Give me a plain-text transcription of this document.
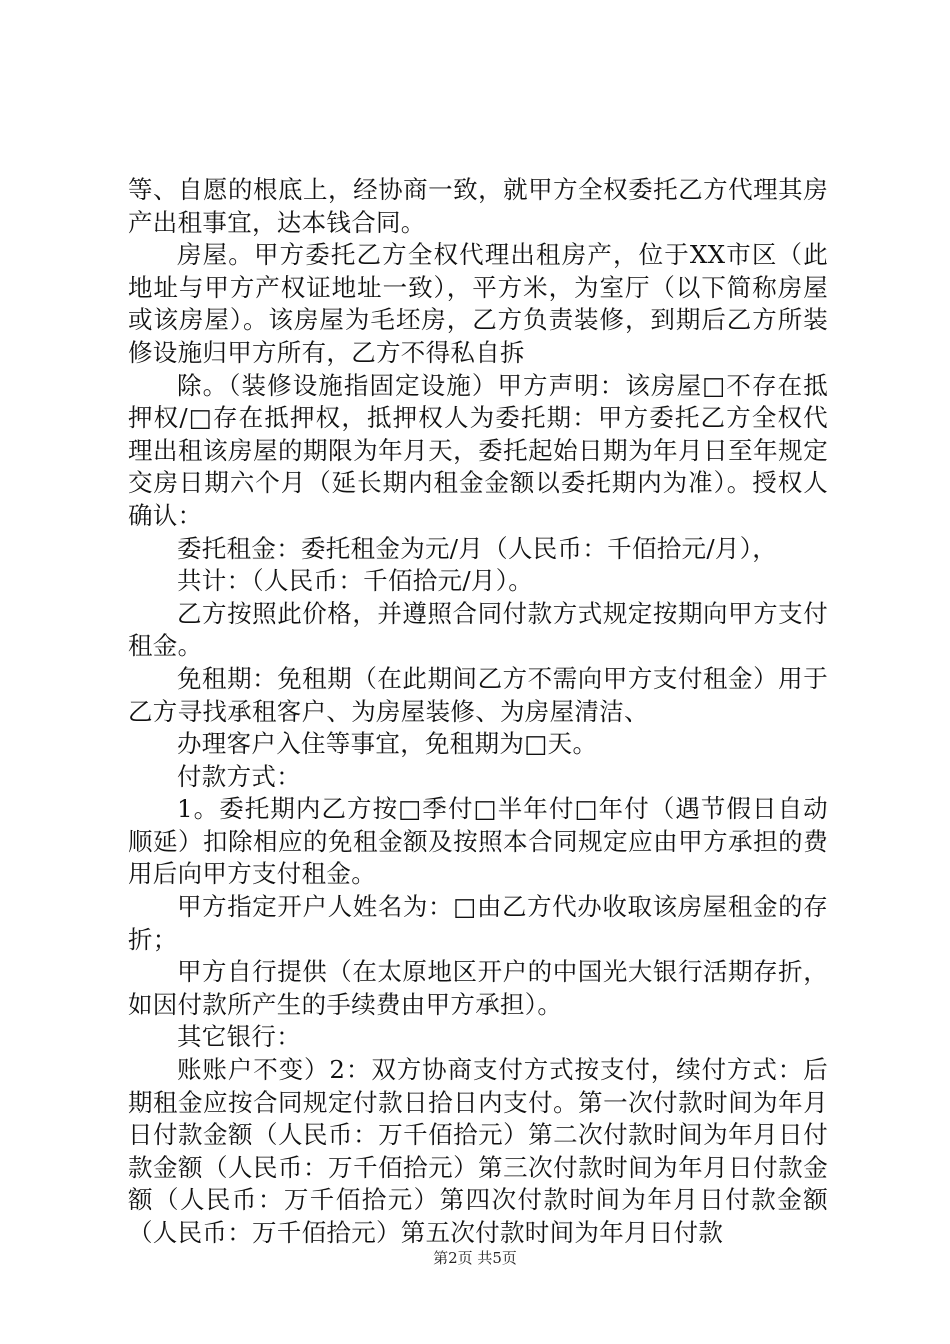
等、自愿的根底上，经协商一致，就甲方全权委托乙方代理其房产出租事宜，达本钱合同。

房屋。甲方委托乙方全权代理出租房产，位于XX市区（此地址与甲方产权证地址一致），平方米，为室厅（以下简称房屋或该房屋）。该房屋为毛坯房，乙方负责装修，到期后乙方所装修设施归甲方所有，乙方不得私自拆

除。（装修设施指固定设施）甲方声明：该房屋□不存在抵押权/□存在抵押权，抵押权人为委托期：甲方委托乙方全权代理出租该房屋的期限为年月天，委托起始日期为年月日至年规定交房日期六个月（延长期内租金金额以委托期内为准）。授权人确认：

委托租金：委托租金为元/月（人民币：千佰拾元/月），

共计：（人民币：千佰拾元/月）。

乙方按照此价格，并遵照合同付款方式规定按期向甲方支付租金。

免租期：免租期（在此期间乙方不需向甲方支付租金）用于乙方寻找承租客户、为房屋装修、为房屋清洁、

办理客户入住等事宜，免租期为□天。

付款方式：

1。委托期内乙方按□季付□半年付□年付（遇节假日自动顺延）扣除相应的免租金额及按照本合同规定应由甲方承担的费用后向甲方支付租金。

甲方指定开户人姓名为：□由乙方代办收取该房屋租金的存折；

甲方自行提供（在太原地区开户的中国光大银行活期存折，如因付款所产生的手续费由甲方承担）。

其它银行：

账账户不变）2：双方协商支付方式按支付，续付方式：后期租金应按合同规定付款日拾日内支付。第一次付款时间为年月日付款金额（人民币：万千佰拾元）第二次付款时间为年月日付款金额（人民币：万千佰拾元）第三次付款时间为年月日付款金额（人民币：万千佰拾元）第四次付款时间为年月日付款金额（人民币：万千佰拾元）第五次付款时间为年月日付款

第2页 共5页
